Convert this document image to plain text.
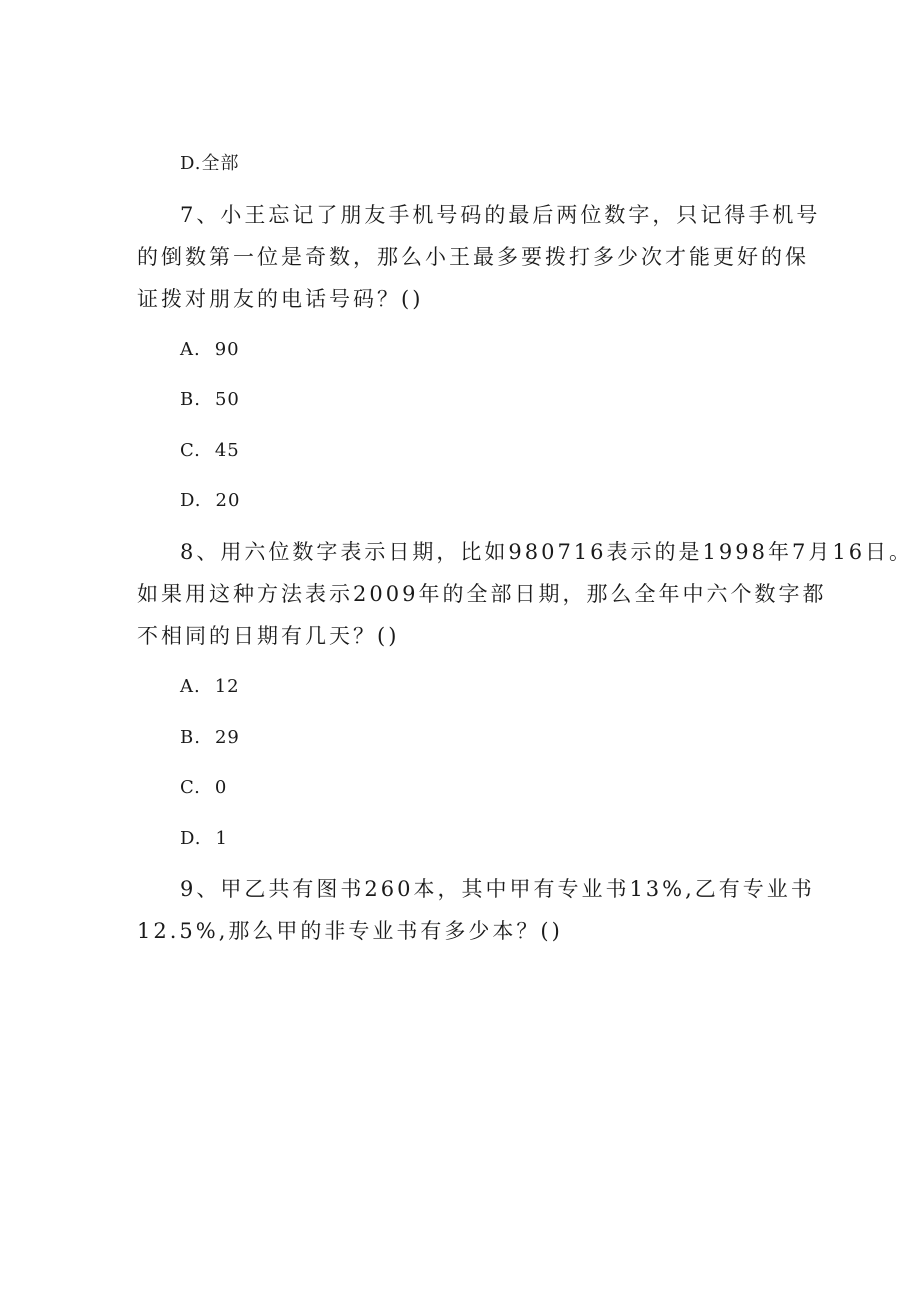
D.全部
7、小王忘记了朋友手机号码的最后两位数字，只记得手机号
的倒数第一位是奇数，那么小王最多要拨打多少次才能更好的保
证拨对朋友的电话号码？()
A. 90
B. 50
C. 45
D. 20
8、用六位数字表示日期，比如980716表示的是1998年7月16日。
如果用这种方法表示2009年的全部日期，那么全年中六个数字都
不相同的日期有几天？()
A. 12
B. 29
C. 0
D. 1
9、甲乙共有图书260本，其中甲有专业书13%,乙有专业书
12.5%,那么甲的非专业书有多少本？()
